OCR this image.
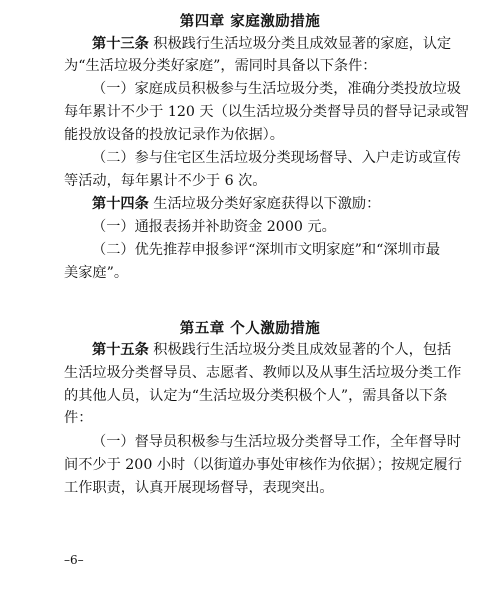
第四章 家庭激励措施
第十三条 积极践行生活垃圾分类且成效显著的家庭，认定
为“生活垃圾分类好家庭”，需同时具备以下条件：
（一）家庭成员积极参与生活垃圾分类，准确分类投放垃圾
每年累计不少于 120 天（以生活垃圾分类督导员的督导记录或智
能投放设备的投放记录作为依据）。
（二）参与住宅区生活垃圾分类现场督导、入户走访或宣传
等活动，每年累计不少于 6 次。
第十四条 生活垃圾分类好家庭获得以下激励：
（一）通报表扬并补助资金 2000 元。
（二）优先推荐申报参评“深圳市文明家庭”和“深圳市最
美家庭”。
第五章 个人激励措施
第十五条 积极践行生活垃圾分类且成效显著的个人，包括
生活垃圾分类督导员、志愿者、教师以及从事生活垃圾分类工作
的其他人员，认定为“生活垃圾分类积极个人”，需具备以下条
件：
（一）督导员积极参与生活垃圾分类督导工作，全年督导时
间不少于 200 小时（以街道办事处审核作为依据）；按规定履行
工作职责，认真开展现场督导，表现突出。
–6–
